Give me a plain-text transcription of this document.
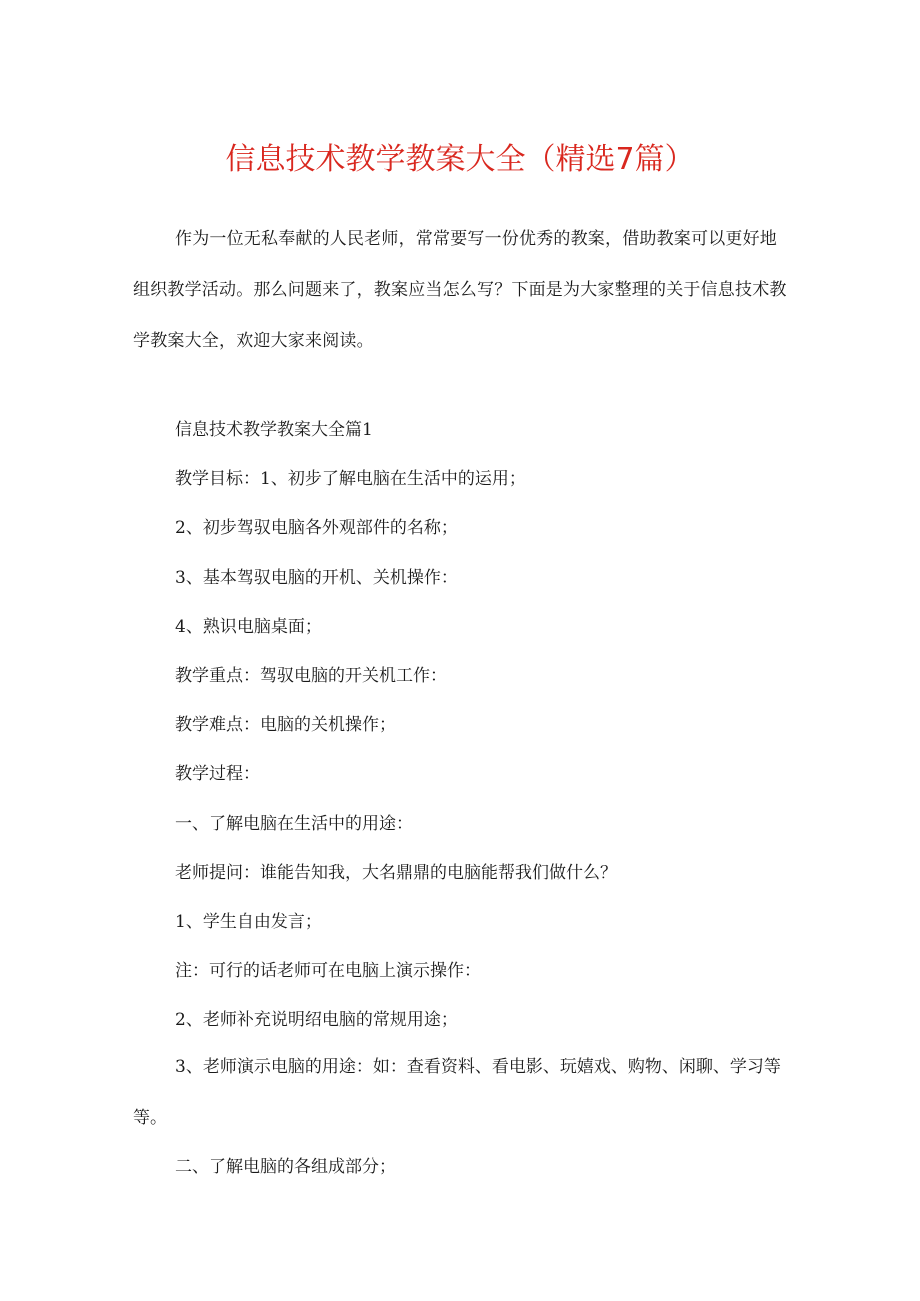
信息技术教学教案大全（精选7篇）

作为一位无私奉献的人民老师，常常要写一份优秀的教案，借助教案可以更好地组织教学活动。那么问题来了，教案应当怎么写？下面是为大家整理的关于信息技术教学教案大全，欢迎大家来阅读。

信息技术教学教案大全篇1

教学目标：1、初步了解电脑在生活中的运用；

2、初步驾驭电脑各外观部件的名称；

3、基本驾驭电脑的开机、关机操作：

4、熟识电脑桌面；

教学重点：驾驭电脑的开关机工作：

教学难点：电脑的关机操作；

教学过程：

一、了解电脑在生活中的用途：

老师提问：谁能告知我，大名鼎鼎的电脑能帮我们做什么？

1、学生自由发言；

注：可行的话老师可在电脑上演示操作：

2、老师补充说明绍电脑的常规用途；

3、老师演示电脑的用途：如：查看资料、看电影、玩嬉戏、购物、闲聊、学习等等。

二、了解电脑的各组成部分；
